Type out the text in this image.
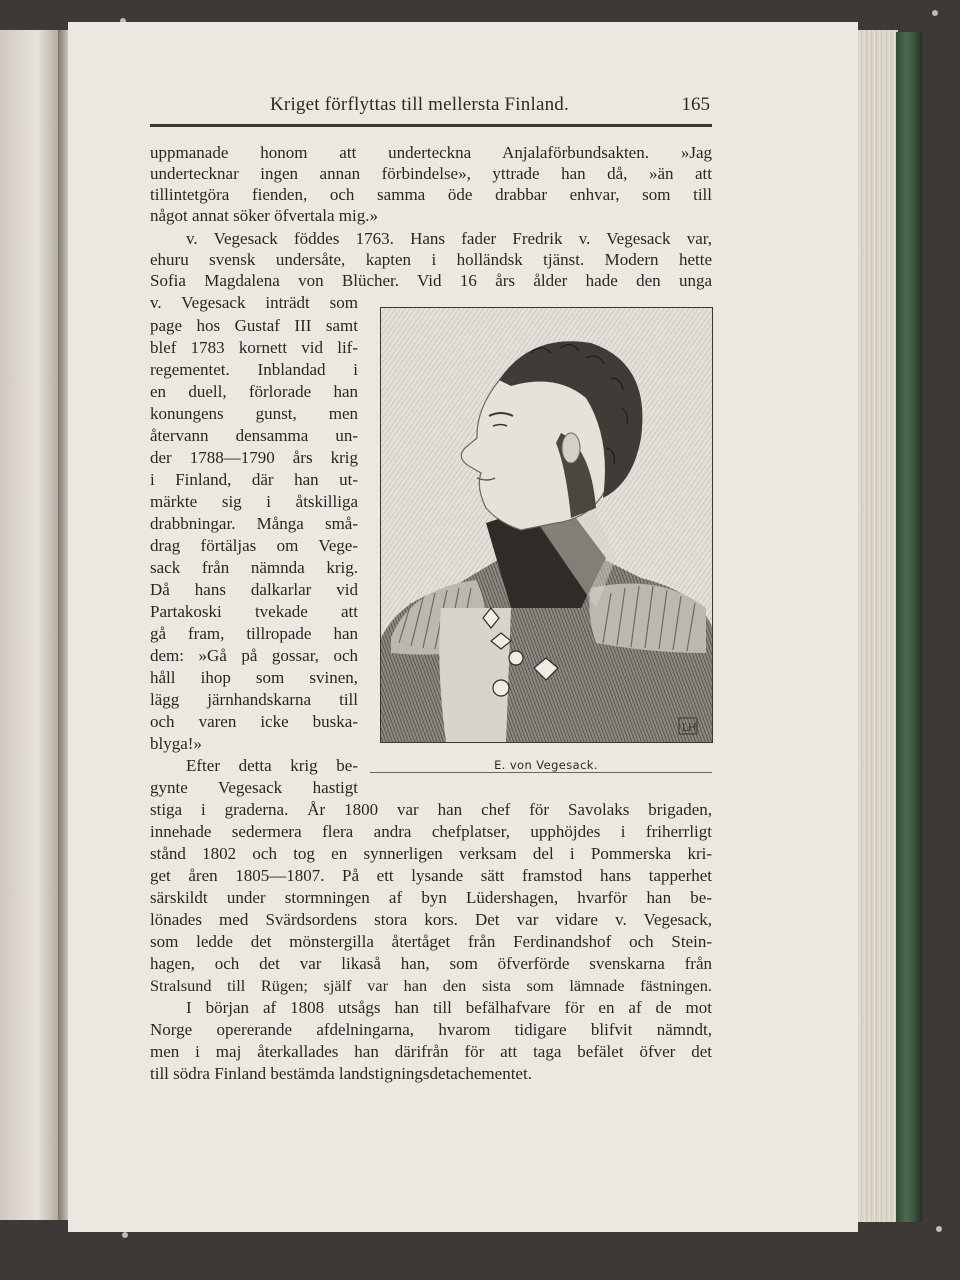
Kriget förflyttas till mellersta Finland.	165
uppmanade honom att underteckna Anjalaförbundsakten. »Jag
undertecknar ingen annan förbindelse», yttrade han då, »än att
tillintetgöra fienden, och samma öde drabbar enhvar, som till
något annat söker öfvertala mig.»
v. Vegesack föddes 1763. Hans fader Fredrik v. Vegesack var,
ehuru svensk undersåte, kapten i holländsk tjänst. Modern hette
Sofia Magdalena von Blücher. Vid 16 års ålder hade den unga
v. Vegesack inträdt som
page hos Gustaf III samt
blef 1783 kornett vid lif-
regementet. Inblandad i
en duell, förlorade han
konungens gunst, men
återvann densamma un-
der 1788—1790 års krig
i Finland, där han ut-
märkte sig i åtskilliga
drabbningar. Många små-
drag förtäljas om Vege-
sack från nämnda krig.
Då hans dalkarlar vid
Partakoski tvekade att
gå fram, tillropade han
dem: »Gå på gossar, och
håll ihop som svinen,
lägg järnhandskarna till
och varen icke buska-
blyga!»
Efter detta krig be-
gynte Vegesack hastigt
stiga i graderna. År 1800 var han chef för Savolaks brigaden,
innehade sedermera flera andra chefplatser, upphöjdes i friherrligt
stånd 1802 och tog en synnerligen verksam del i Pommerska kri-
get åren 1805—1807. På ett lysande sätt framstod hans tapperhet
särskildt under stormningen af byn Lüdershagen, hvarför han be-
lönades med Svärdsordens stora kors. Det var vidare v. Vegesack,
som ledde det mönstergilla återtåget från Ferdinandshof och Stein-
hagen, och det var likaså han, som öfverförde svenskarna från
Stralsund till Rügen; själf var han den sista som lämnade fästningen.
I början af 1808 utsågs han till befälhafvare för en af de mot
Norge opererande afdelningarna, hvarom tidigare blifvit nämndt,
men i maj återkallades han därifrån för att taga befälet öfver det
till södra Finland bestämda landstigningsdetachementet.
LH
E. von Vegesack.
